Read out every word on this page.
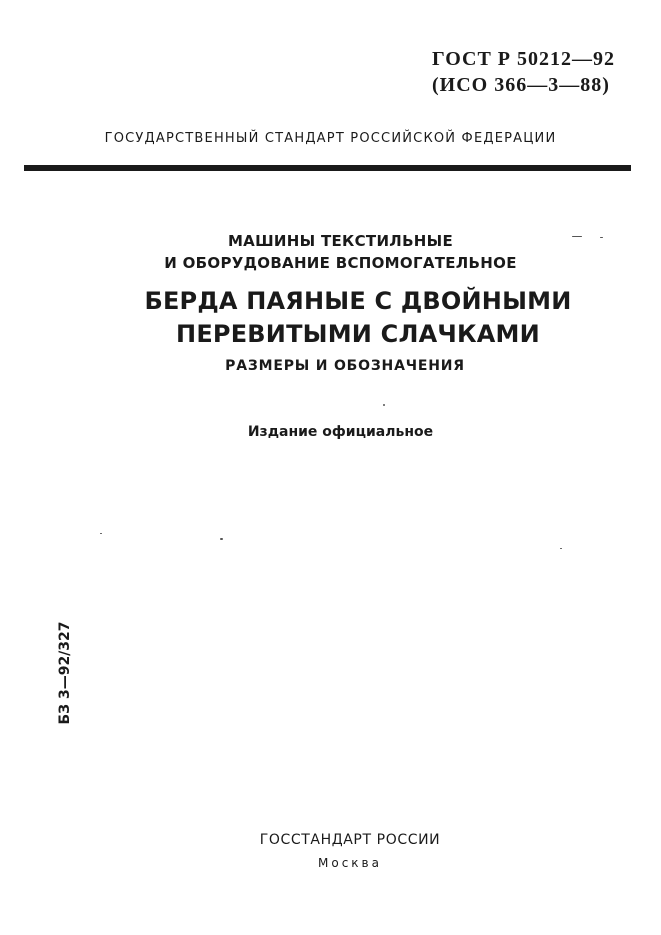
ГОСТ Р 50212—92
(ИСО 366—3—88)
ГОСУДАРСТВЕННЫЙ СТАНДАРТ РОССИЙСКОЙ ФЕДЕРАЦИИ
МАШИНЫ ТЕКСТИЛЬНЫЕ
И ОБОРУДОВАНИЕ ВСПОМОГАТЕЛЬНОЕ
БЕРДА ПАЯНЫЕ С ДВОЙНЫМИ
ПЕРЕВИТЫМИ СЛАЧКАМИ
РАЗМЕРЫ И ОБОЗНАЧЕНИЯ
Издание официальное
БЗ 3—92/327
ГОССТАНДАРТ РОССИИ
Москва
